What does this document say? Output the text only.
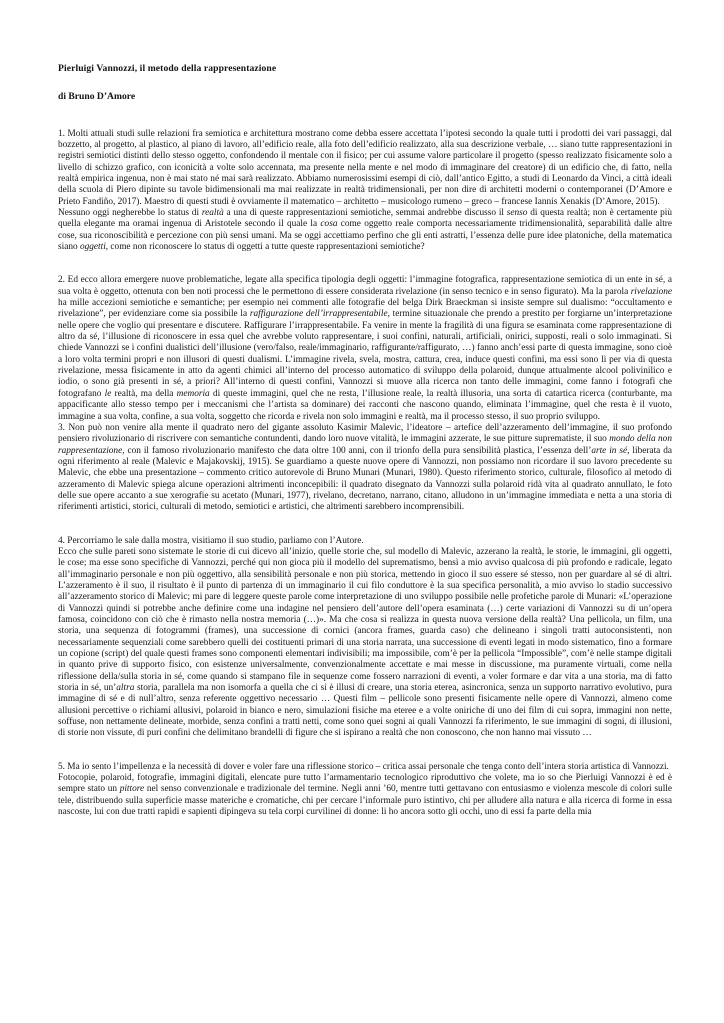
Pierluigi Vannozzi, il metodo della rappresentazione
di Bruno D’Amore

1. Molti attuali studi sulle relazioni fra semiotica e architettura mostrano come debba essere accettata l’ipotesi secondo la quale tutti i prodotti dei vari passaggi, dal bozzetto, al progetto, al plastico, al piano di lavoro, all’edificio reale, alla foto dell’edificio realizzato, alla sua descrizione verbale, … siano tutte rappresentazioni in registri semiotici distinti dello stesso oggetto, confondendo il mentale con il fisico; per cui assume valore particolare il progetto (spesso realizzato fisicamente solo a livello di schizzo grafico, con iconicità a volte solo accennata, ma presente nella mente e nel modo di immaginare del creatore) di un edificio che, di fatto, nella realtà empirica ingenua, non è mai stato né mai sarà realizzato. Abbiamo numerosissimi esempi di ciò, dall’antico Egitto, a studi di Leonardo da Vinci, a città ideali della scuola di Piero dipinte su tavole bidimensionali ma mai realizzate in realtà tridimensionali, per non dire di architetti moderni o contemporanei (D’Amore e Prieto Fandiño, 2017). Maestro di questi studi è ovviamente il matematico – architetto – musicologo rumeno – greco – francese Iannis Xenakis (D’Amore, 2015).

Nessuno oggi negherebbe lo status di realtà a una di queste rappresentazioni semiotiche, semmai andrebbe discusso il senso di questa realtà; non è certamente più quella elegante ma oramai ingenua di Aristotele secondo il quale la cosa come oggetto reale comporta necessariamente tridimensionalità, separabilità dalle altre cose, sua riconoscibilità e percezione con più sensi umani. Ma se oggi accettiamo perfino che gli enti astratti, l’essenza delle pure idee platoniche, della matematica siano oggetti, come non riconoscere lo status di oggetti a tutte queste rappresentazioni semiotiche?

2. Ed ecco allora emergere nuove problematiche, legate alla specifica tipologia degli oggetti: l’immagine fotografica, rappresentazione semiotica di un ente in sé, a sua volta è oggetto, ottenuta con ben noti processi che le permettono di essere considerata rivelazione (in senso tecnico e in senso figurato). Ma la parola rivelazione ha mille accezioni semiotiche e semantiche; per esempio nei commenti alle fotografie del belga Dirk Braeckman si insiste sempre sul dualismo: “occultamento e rivelazione”, per evidenziare come sia possibile la raffigurazione dell’irrappresentabile, termine situazionale che prendo a prestito per forgiarne un’interpretazione nelle opere che voglio qui presentare e discutere. Raffigurare l’irrappresentabile. Fa venire in mente la fragilità di una figura se esaminata come rappresentazione di altro da sé, l’illusione di riconoscere in essa quel che avrebbe voluto rappresentare, i suoi confini, naturali, artificiali, onirici, supposti, reali o solo immaginati. Si chiede Vannozzi se i confini dualistici dell’illusione (vero/falso, reale/immaginario, raffigurante/raffigurato, …) fanno anch’essi parte di questa immagine, sono cioè a loro volta termini propri e non illusori di questi dualismi. L’immagine rivela, svela, mostra, cattura, crea, induce questi confini, ma essi sono lì per via di questa rivelazione, messa fisicamente in atto da agenti chimici all’interno del processo automatico di sviluppo della polaroid, dunque attualmente alcool polivinilico e iodio, o sono già presenti in sé, a priori? All’interno di questi confini, Vannozzi si muove alla ricerca non tanto delle immagini, come fanno i fotografi che fotografano le realtà, ma della memoria di queste immagini, quel che ne resta, l’illusione reale, la realtà illusoria, una sorta di catartica ricerca (conturbante, ma appacificante allo stesso tempo per i meccanismi che l’artista sa dominare) dei racconti che nascono quando, eliminata l’immagine, quel che resta è il vuoto, immagine a sua volta, confine, a sua volta, soggetto che ricorda e rivela non solo immagini e realtà, ma il processo stesso, il suo proprio sviluppo.

3. Non può non venire alla mente il quadrato nero del gigante assoluto Kasimir Malevic, l’ideatore – artefice dell’azzeramento dell’immagine, il suo profondo pensiero rivoluzionario di riscrivere con semantiche contundenti, dando loro nuove vitalità, le immagini azzerate, le sue pitture suprematiste, il suo mondo della non rappresentazione, con il famoso rivoluzionario manifesto che data oltre 100 anni, con il trionfo della pura sensibilità plastica, l’essenza dell’arte in sé, liberata da ogni riferimento al reale (Malevic e Majakovskij, 1915). Se guardiamo a queste nuove opere di Vannozzi, non possiamo non ricordare il suo lavoro precedente su Malevic, che ebbe una presentazione – commento critico autorevole di Bruno Munari (Munari, 1980). Questo riferimento storico, culturale, filosofico al metodo di azzeramento di Malevic spiega alcune operazioni altrimenti inconcepibili: il quadrato disegnato da Vannozzi sulla polaroid ridà vita al quadrato annullato, le foto delle sue opere accanto a sue xerografie su acetato (Munari, 1977), rivelano, decretano, narrano, citano, alludono in un’immagine immediata e netta a una storia di riferimenti artistici, storici, culturali di metodo, semiotici e artistici, che altrimenti sarebbero incomprensibili.

4. Percorriamo le sale dalla mostra, visitiamo il suo studio, parliamo con l’Autore.

Ecco che sulle pareti sono sistemate le storie di cui dicevo all’inizio, quelle storie che, sul modello di Malevic, azzerano la realtà, le storie, le immagini, gli oggetti, le cose; ma esse sono specifiche di Vannozzi, perché qui non gioca più il modello del suprematismo, bensì a mio avviso qualcosa di più profondo e radicale, legato all’immaginario personale e non più oggettivo, alla sensibilità personale e non più storica, mettendo in gioco il suo essere sé stesso, non per guardare al sé di altri. L’azzeramento è il suo, il risultato è il punto di partenza di un immaginario il cui filo conduttore è la sua specifica personalità, a mio avviso lo stadio successivo all’azzeramento storico di Malevic; mi pare di leggere queste parole come interpretazione di uno sviluppo possibile nelle profetiche parole di Munari: «L’operazione di Vannozzi quindi si potrebbe anche definire come una indagine nel pensiero dell’autore dell’opera esaminata (…) certe variazioni di Vannozzi su di un’opera famosa, coincidono con ciò che è rimasto nella nostra memoria (…)». Ma che cosa si realizza in questa nuova versione della realtà? Una pellicola, un film, una storia, una sequenza di fotogrammi (frames), una successione di cornici (ancora frames, guarda caso) che delineano i singoli tratti autoconsistenti, non necessariamente sequenziali come sarebbero quelli dei costituenti primari di una storia narrata, una successione di eventi legati in modo sistematico, fino a formare un copione (script) del quale questi frames sono componenti elementari indivisibili; ma impossibile, com’è per la pellicola “Impossible”, com’è nelle stampe digitali in quanto prive di supporto fisico, con esistenze universalmente, convenzionalmente accettate e mai messe in discussione, ma puramente virtuali, come nella riflessione della/sulla storia in sé, come quando si stampano file in sequenze come fossero narrazioni di eventi, a voler formare e dar vita a una storia, ma di fatto storia in sé, un’altra storia, parallela ma non isomorfa a quella che ci si è illusi di creare, una storia eterea, asincronica, senza un supporto narrativo evolutivo, pura immagine di sé e di null’altro, senza referente oggettivo necessario … Questi film – pellicole sono presenti fisicamente nelle opere di Vannozzi, almeno come allusioni percettive o richiami allusivi, polaroid in bianco e nero, simulazioni fisiche ma eteree e a volte oniriche di uno dei film di cui sopra, immagini non nette, soffuse, non nettamente delineate, morbide, senza confini a tratti netti, come sono quei sogni ai quali Vannozzi fa riferimento, le sue immagini di sogni, di illusioni, di storie non vissute, di puri confini che delimitano brandelli di figure che si ispirano a realtà che non conoscono, che non hanno mai vissuto …

5. Ma io sento l’impellenza e la necessità di dover e voler fare una riflessione storico – critica assai personale che tenga conto dell’intera storia artistica di Vannozzi.

Fotocopie, polaroid, fotografie, immagini digitali, elencate pure tutto l’armamentario tecnologico riproduttivo che volete, ma io so che Pierluigi Vannozzi è ed è sempre stato un pittore nel senso convenzionale e tradizionale del termine. Negli anni ’60, mentre tutti gettavano con entusiasmo e violenza mescole di colori sulle tele, distribuendo sulla superficie masse materiche e cromatiche, chi per cercare l’informale puro istintivo, chi per alludere alla natura e alla ricerca di forme in essa nascoste, lui con due tratti rapidi e sapienti dipingeva su tela corpi curvilinei di donne: li ho ancora sotto gli occhi, uno di essi fa parte della mia
